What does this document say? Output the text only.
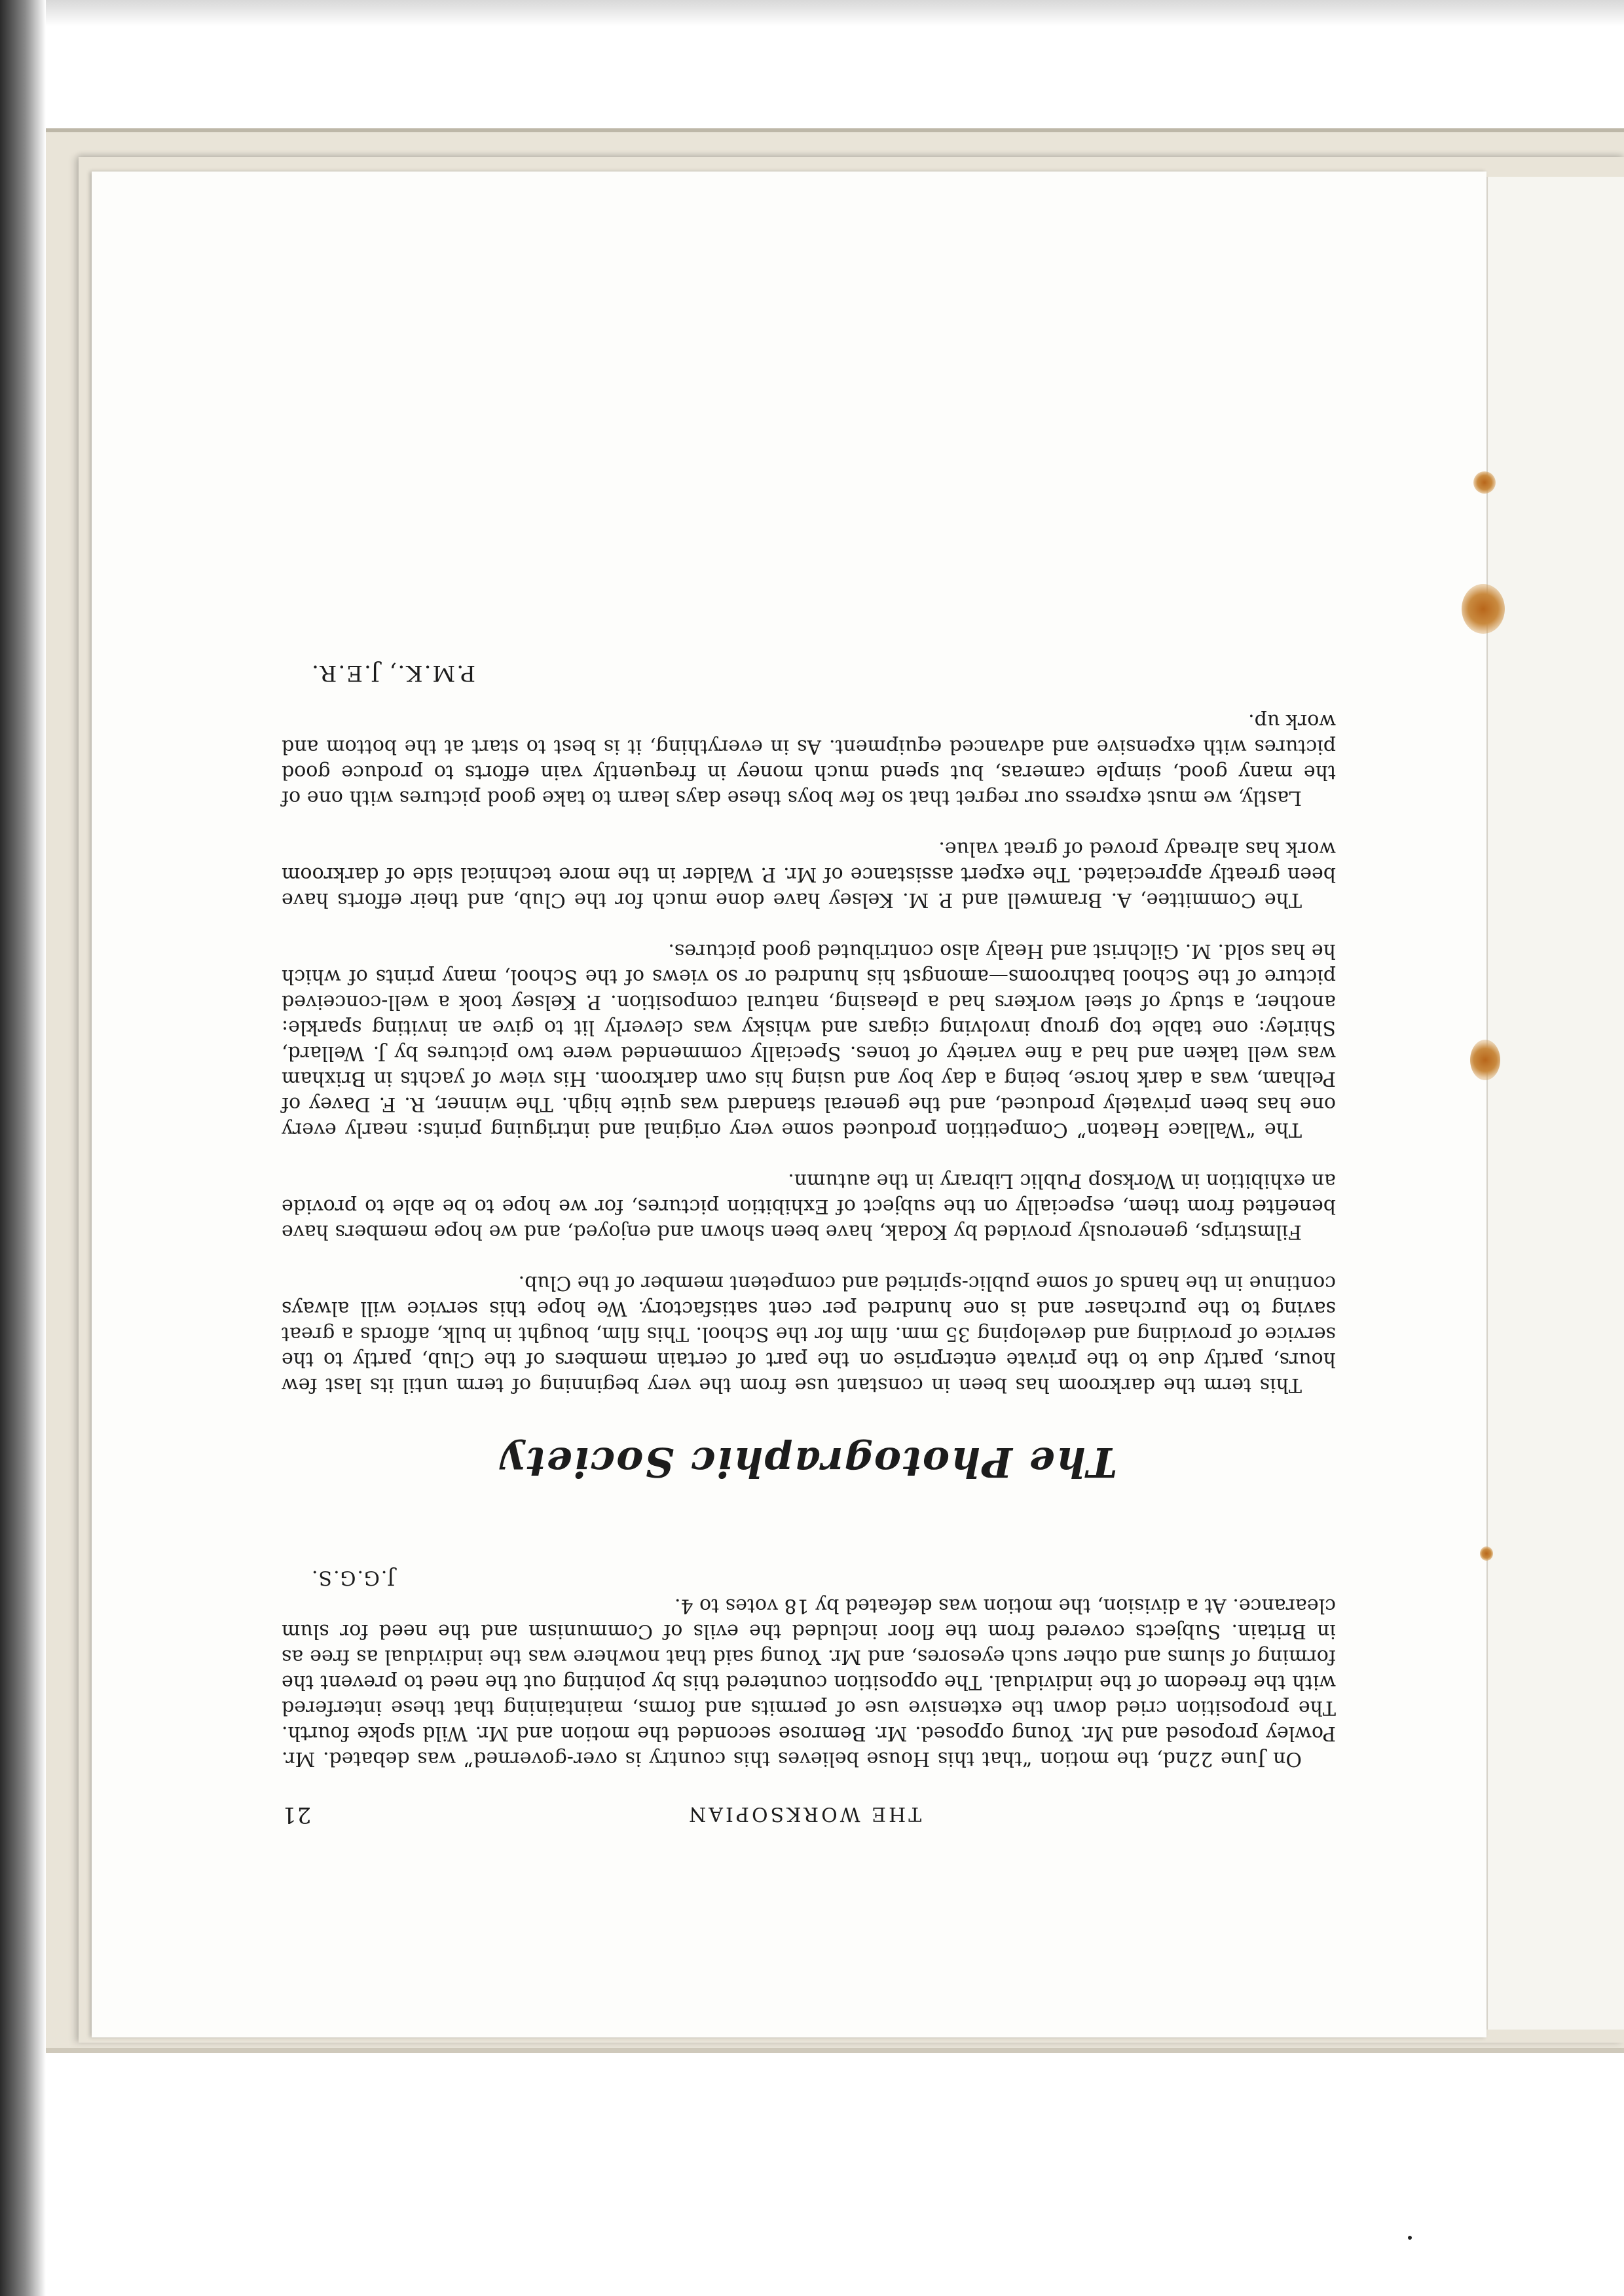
THE WORKSOPIAN
21

On June 22nd, the motion “that this House believes this country is over-governed” was debated. Mr. Powley proposed and Mr. Young opposed. Mr. Bemrose seconded the motion and Mr. Wild spoke fourth. The proposition cried down the extensive use of permits and forms, maintaining that these interfered with the freedom of the individual. The opposition countered this by pointing out the need to prevent the forming of slums and other such eyesores, and Mr. Young said that nowhere was the individual as free as in Britain. Subjects covered from the floor included the evils of Communism and the need for slum clearance. At a division, the motion was defeated by 18 votes to 4.

J.G.G.S.
The Photographic Society

This term the darkroom has been in constant use from the very beginning of term until its last few hours, partly due to the private enterprise on the part of certain members of the Club, partly to the service of providing and developing 35 mm. film for the School. This film, bought in bulk, affords a great saving to the purchaser and is one hundred per cent satisfactory. We hope this service will always continue in the hands of some public-spirited and competent member of the Club.

Filmstrips, generously provided by Kodak, have been shown and enjoyed, and we hope members have benefited from them, especially on the subject of Exhibition pictures, for we hope to be able to provide an exhibition in Worksop Public Library in the autumn.

The “Wallace Heaton” Competition produced some very original and intriguing prints: nearly every one has been privately produced, and the general standard was quite high. The winner, R. F. Davey of Pelham, was a dark horse, being a day boy and using his own darkroom. His view of yachts in Brixham was well taken and had a fine variety of tones. Specially commended were two pictures by J. Wellard, Shirley: one table top group involving cigars and whisky was cleverly lit to give an inviting sparkle: another, a study of steel workers had a pleasing, natural composition. P. Kelsey took a well-conceived picture of the School bathrooms—amongst his hundred or so views of the School, many prints of which he has sold. M. Gilchrist and Healy also contributed good pictures.

The Committee, A. Bramwell and P. M. Kelsey have done much for the Club, and their efforts have been greatly appreciated. The expert assistance of Mr. P. Walder in the more technical side of darkroom work has already proved of great value.

Lastly, we must express our regret that so few boys these days learn to take good pictures with one of the many good, simple cameras, but spend much money in frequently vain efforts to produce good pictures with expensive and advanced equipment. As in everything, it is best to start at the bottom and work up.

P.M.K., J.E.R.
